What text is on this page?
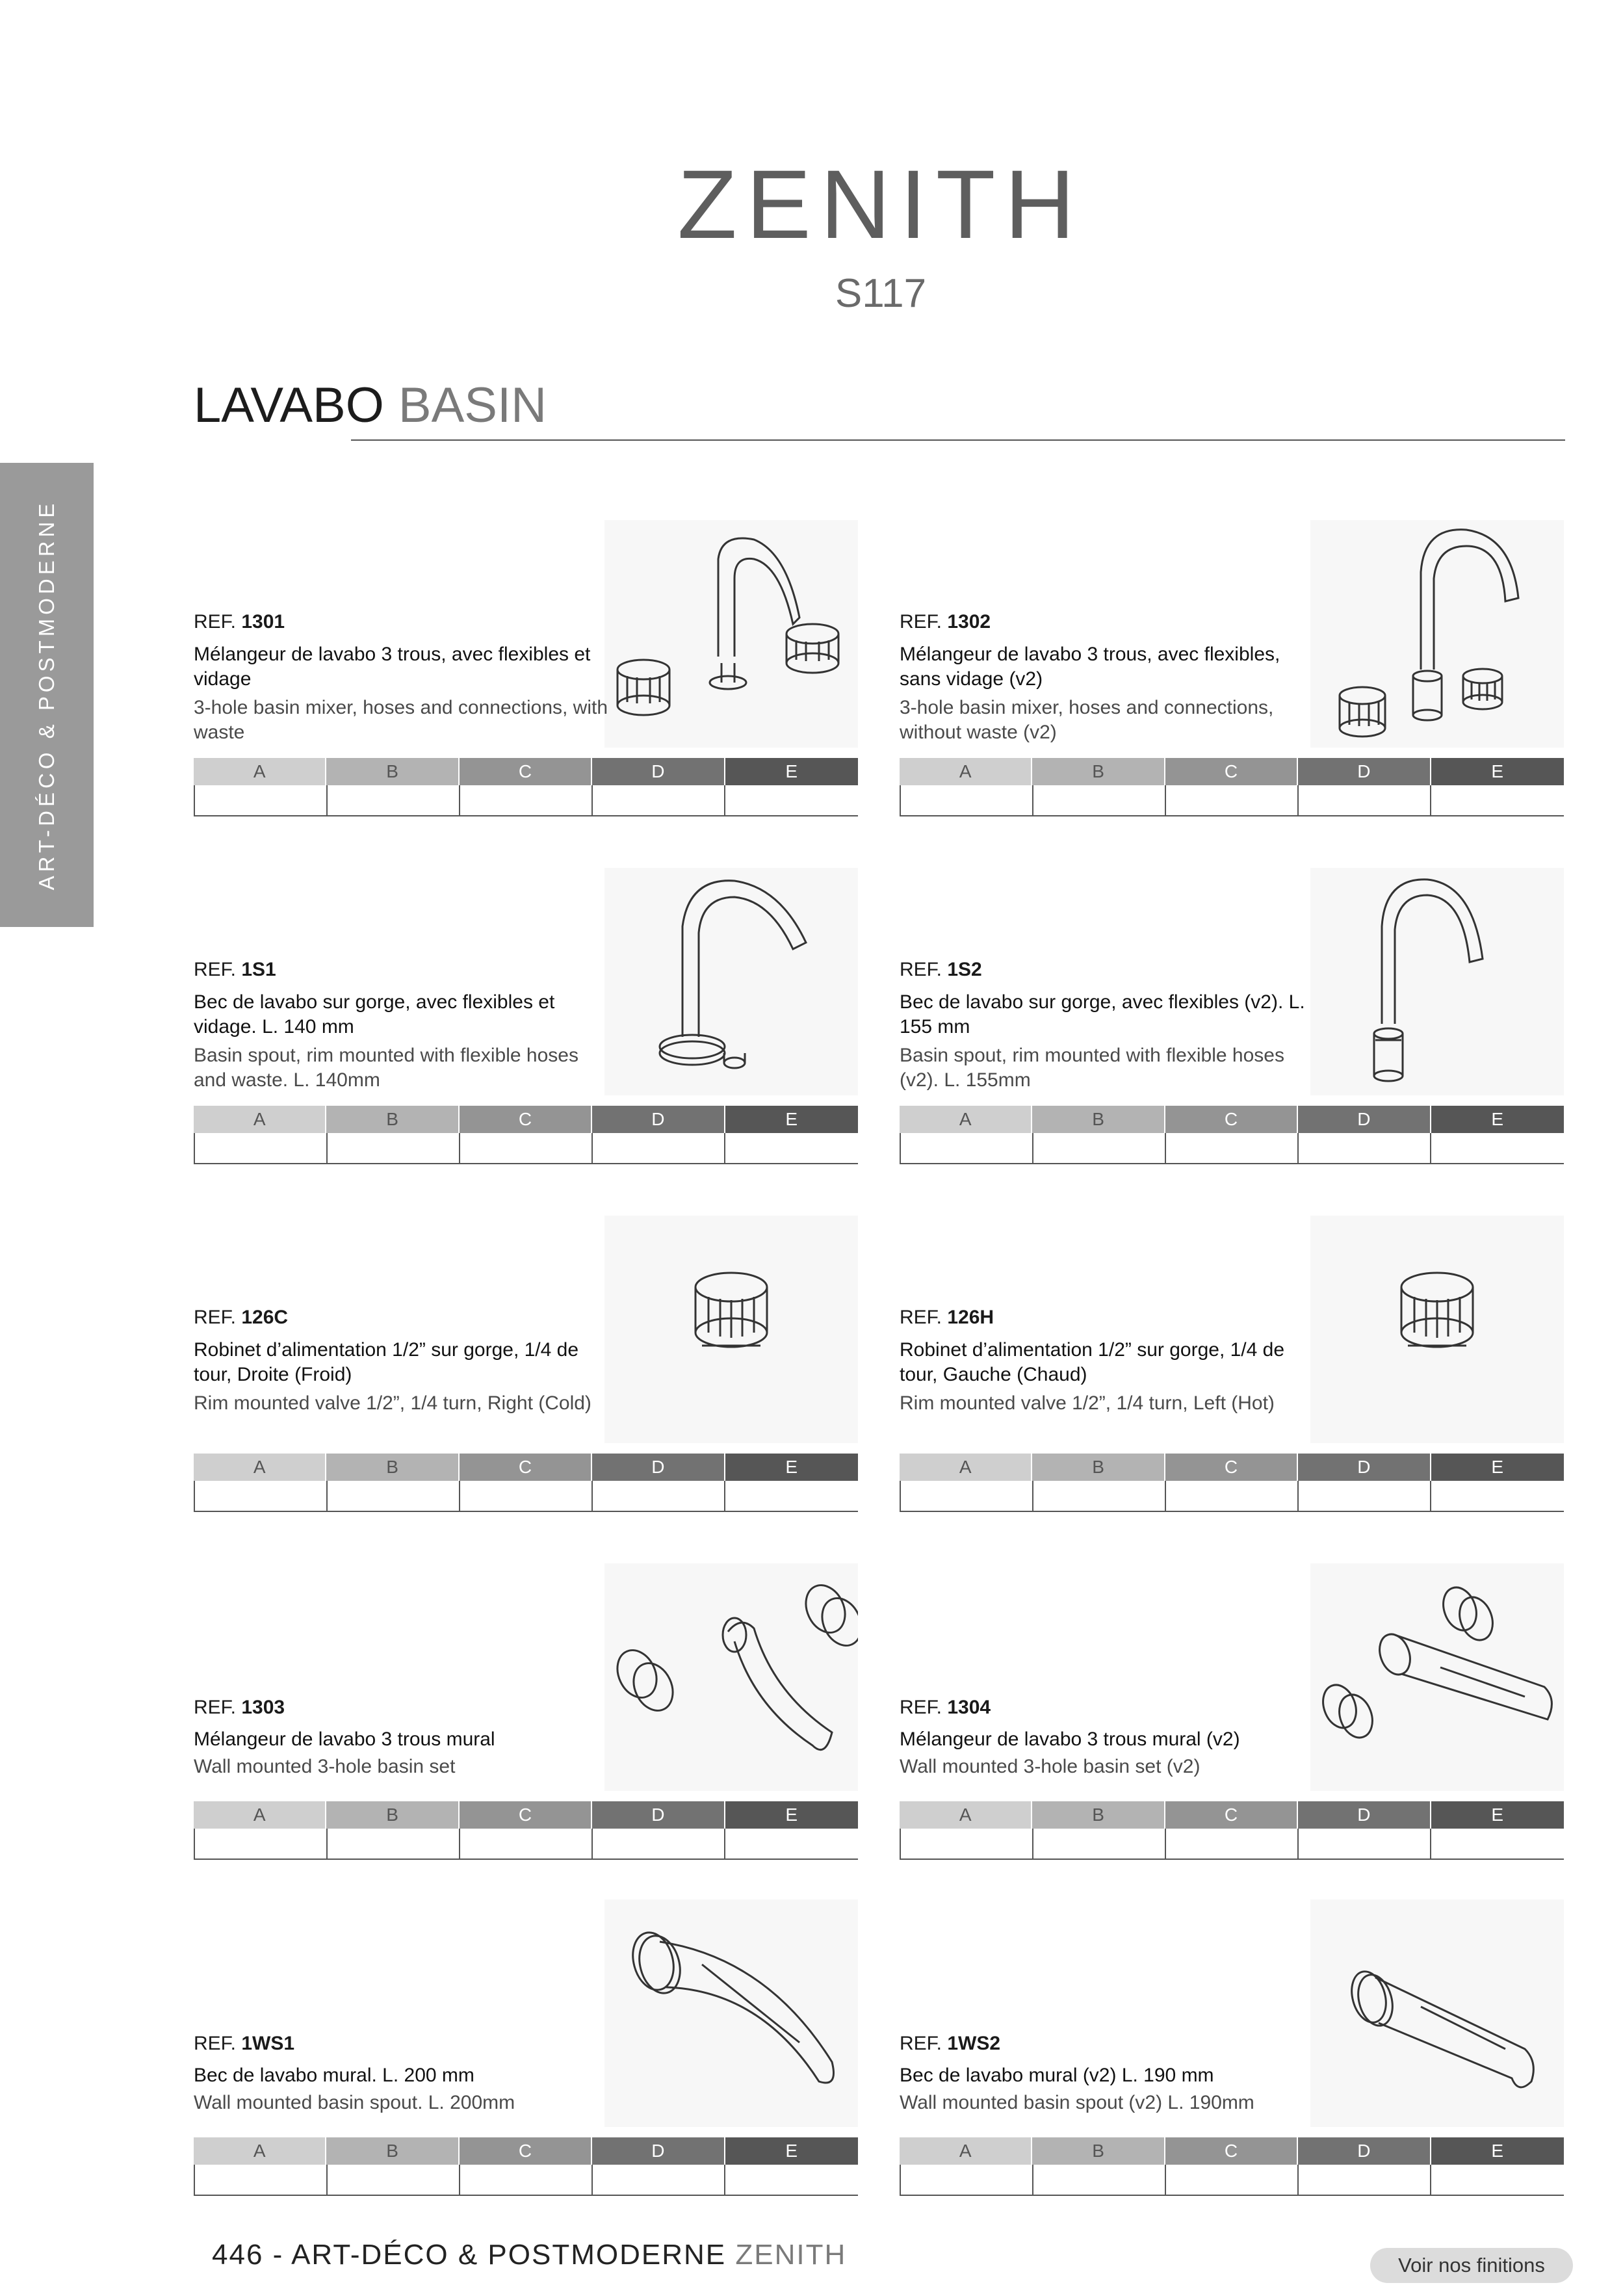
ZENITH
S117
LAVABO BASIN
ART-DÉCO & POSTMODERNE	REF. 1301
Mélangeur de lavabo 3 trous, avec flexibles et vidage
3-hole basin mixer, hoses and connections, with waste
A	B	C	D	E
REF. 1302
Mélangeur de lavabo 3 trous, avec flexibles, sans vidage (v2)
3-hole basin mixer, hoses and connections, without waste (v2)
A	B	C	D	E
REF. 1S1
Bec de lavabo sur gorge, avec flexibles et vidage. L. 140 mm
Basin spout, rim mounted with flexible hoses and waste. L. 140mm
A	B	C	D	E
REF. 1S2
Bec de lavabo sur gorge, avec flexibles (v2). L. 155 mm
Basin spout, rim mounted with flexible hoses (v2). L. 155mm
A	B	C	D	E
REF. 126C
Robinet d’alimentation 1/2” sur gorge, 1/4 de tour, Droite (Froid)
Rim mounted valve 1/2”, 1/4 turn, Right (Cold)
A	B	C	D	E
REF. 126H
Robinet d’alimentation 1/2” sur gorge, 1/4 de tour, Gauche (Chaud)
Rim mounted valve 1/2”, 1/4 turn, Left (Hot)
A	B	C	D	E
REF. 1303
Mélangeur de lavabo 3 trous mural
Wall mounted 3-hole basin set
A	B	C	D	E
REF. 1304
Mélangeur de lavabo 3 trous mural (v2)
Wall mounted 3-hole basin set (v2)
A	B	C	D	E
REF. 1WS1
Bec de lavabo mural. L. 200 mm
Wall mounted basin spout. L. 200mm
A	B	C	D	E
REF. 1WS2
Bec de lavabo mural (v2) L. 190 mm
Wall mounted basin spout (v2) L. 190mm
A	B	C	D	E
446 - ART-DÉCO & POSTMODERNE ZENITH	Voir nos finitions
